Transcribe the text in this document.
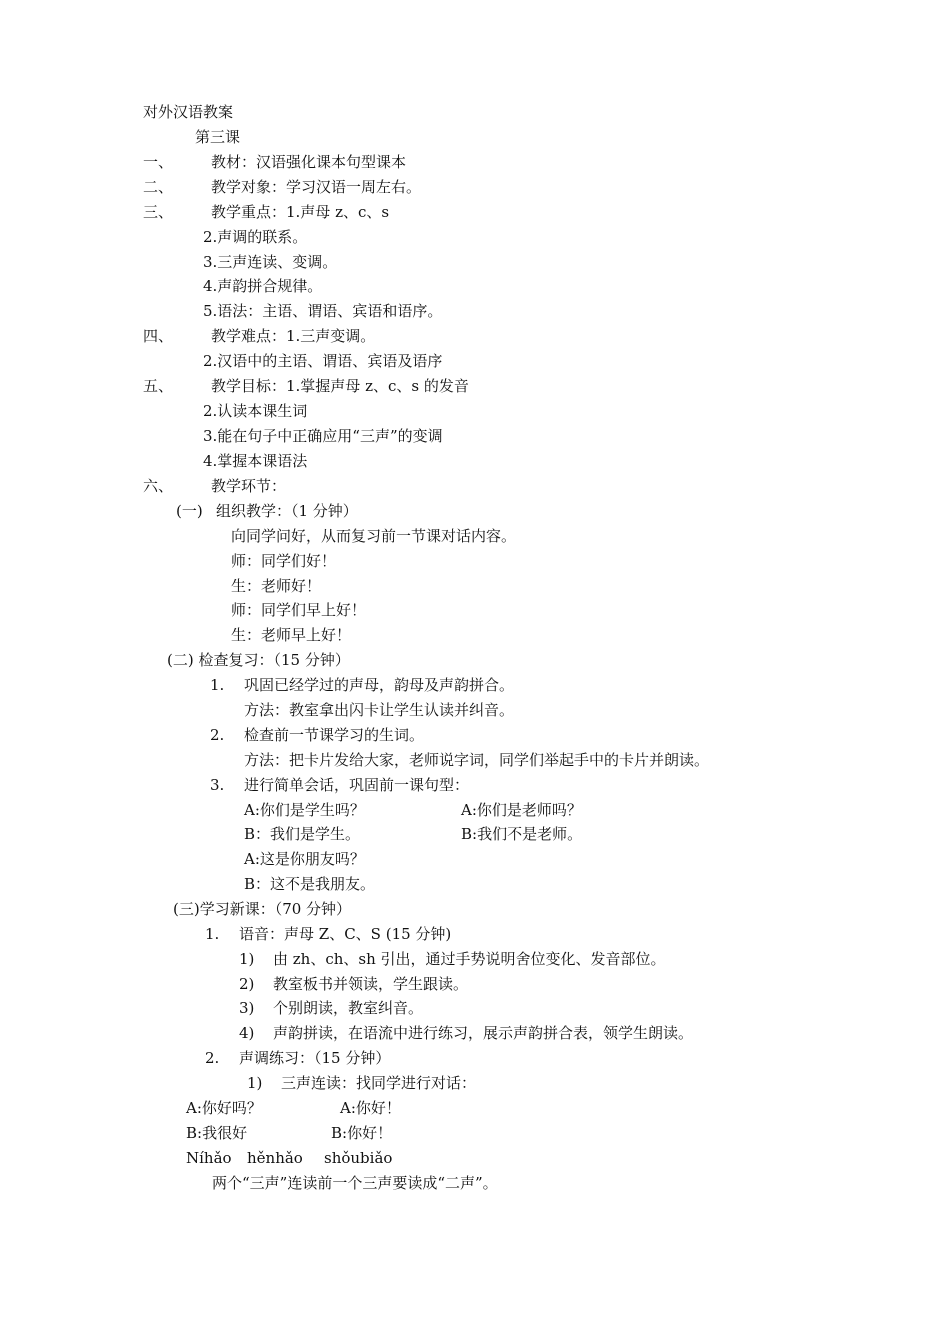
对外汉语教案
第三课
一、	教材：汉语强化课本句型课本
二、	教学对象：学习汉语一周左右。
三、	教学重点：1.声母 z、c、s
2.声调的联系。
3.三声连读、变调。
4.声韵拼合规律。
5.语法：主语、谓语、宾语和语序。
四、	教学难点：1.三声变调。
2.汉语中的主语、谓语、宾语及语序
五、	教学目标：1.掌握声母 z、c、s 的发音
2.认读本课生词
3.能在句子中正确应用“三声”的变调
4.掌握本课语法
六、	教学环节：
(一) 组织教学：（1 分钟）
向同学问好，从而复习前一节课对话内容。
师：同学们好！
生：老师好！
师：同学们早上好！
生：老师早上好！
(二) 检查复习：（15 分钟）
1. 巩固已经学过的声母，韵母及声韵拼合。
方法：教室拿出闪卡让学生认读并纠音。
2. 检查前一节课学习的生词。
方法：把卡片发给大家，老师说字词，同学们举起手中的卡片并朗读。
3. 进行简单会话，巩固前一课句型：
A:你们是学生吗？	A:你们是老师吗？
B：我们是学生。	B:我们不是老师。
A:这是你朋友吗？
B：这不是我朋友。
(三)学习新课：（70 分钟）
1. 语音：声母 Z、C、S (15 分钟)
1) 由 zh、ch、sh 引出，通过手势说明舍位变化、发音部位。
2) 教室板书并领读，学生跟读。
3) 个别朗读，教室纠音。
4) 声韵拼读，在语流中进行练习，展示声韵拼合表，领学生朗读。
2. 声调练习：（15 分钟）
1) 三声连读：找同学进行对话：
A:你好吗？	A:你好！
B:我很好	B:你好！
Níhǎo hěnhǎo shǒubiǎo
两个“三声”连读前一个三声要读成“二声”。
